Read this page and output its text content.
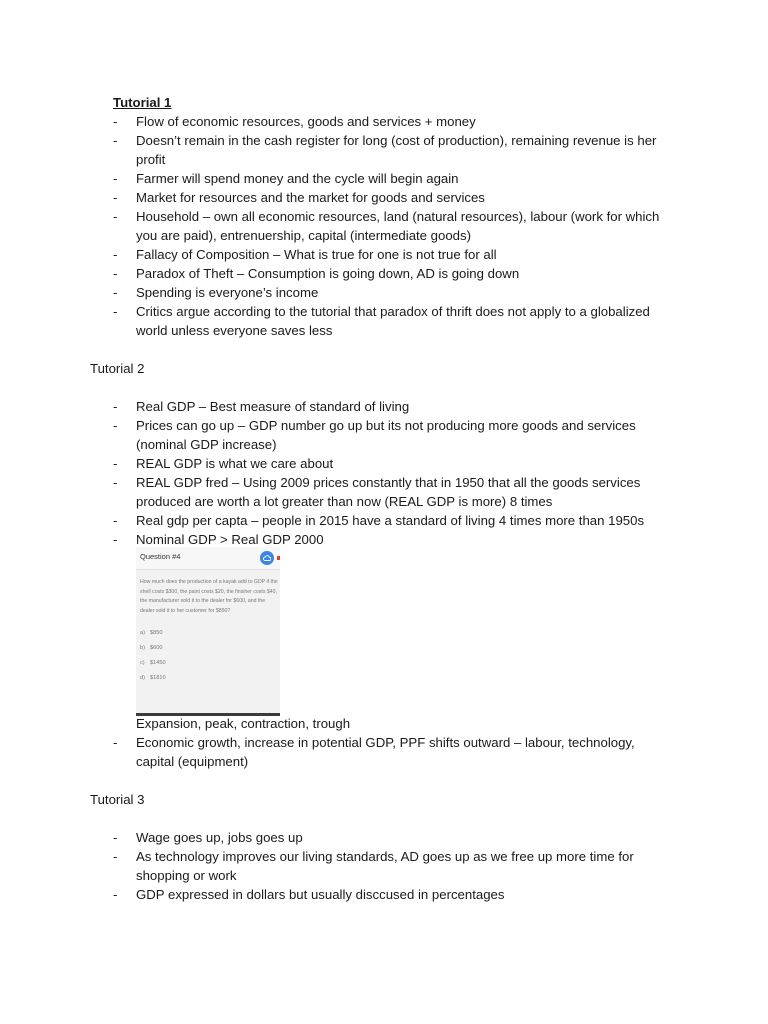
Tutorial 1
- Flow of economic resources, goods and services + money
- Doesn’t remain in the cash register for long (cost of production), remaining revenue is her profit
- Farmer will spend money and the cycle will begin again
- Market for resources and the market for goods and services
- Household – own all economic resources, land (natural resources), labour (work for which you are paid), entrenuership, capital (intermediate goods)
- Fallacy of Composition – What is true for one is not true for all
- Paradox of Theft – Consumption is going down, AD is going down
- Spending is everyone’s income
- Critics argue according to the tutorial that paradox of thrift does not apply to a globalized world unless everyone saves less
Tutorial 2
- Real GDP – Best measure of standard of living
- Prices can go up – GDP number go up but its not producing more goods and services (nominal GDP increase)
- REAL GDP is what we care about
- REAL GDP fred – Using 2009 prices constantly that in 1950 that all the goods services produced are worth a lot greater than now (REAL GDP is more) 8 times
- Real gdp per capta – people in 2015 have a standard of living 4 times more than 1950s
- Nominal GDP > Real GDP 2000
Question #4
How much does the production of a kayak add to GDP if the shell costs $300, the paint costs $20, the finisher costs $40, the manufacturer sold it to the dealer for $600, and the dealer sold it to her customer for $850?
a) $850
b) $600
c) $1450
d) $1810
Expansion, peak, contraction, trough
- Economic growth, increase in potential GDP, PPF shifts outward – labour, technology, capital (equipment)
Tutorial 3
- Wage goes up, jobs goes up
- As technology improves our living standards, AD goes up as we free up more time for shopping or work
- GDP expressed in dollars but usually disccused in percentages
